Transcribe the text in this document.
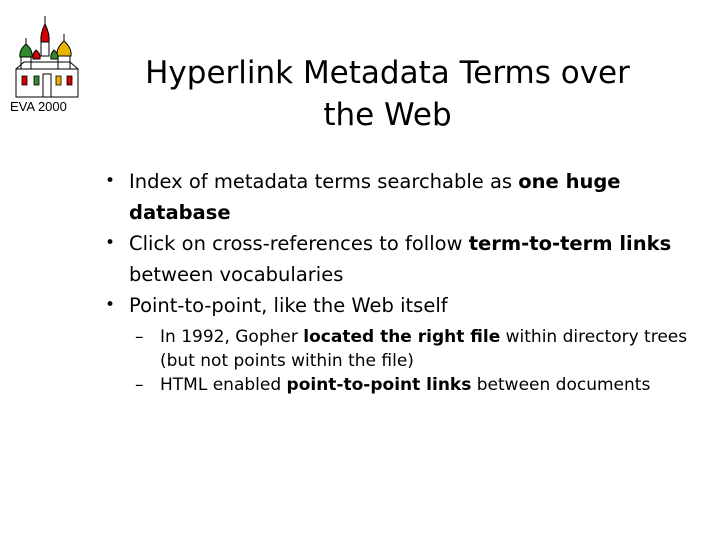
EVA 2000
Hyperlink Metadata Terms over
the Web
• Index of metadata terms searchable as one huge database
• Click on cross-references to follow term-to-term links between vocabularies
• Point-to-point, like the Web itself
– In 1992, Gopher located the right file within directory trees (but not points within the file)
– HTML enabled point-to-point links between documents
